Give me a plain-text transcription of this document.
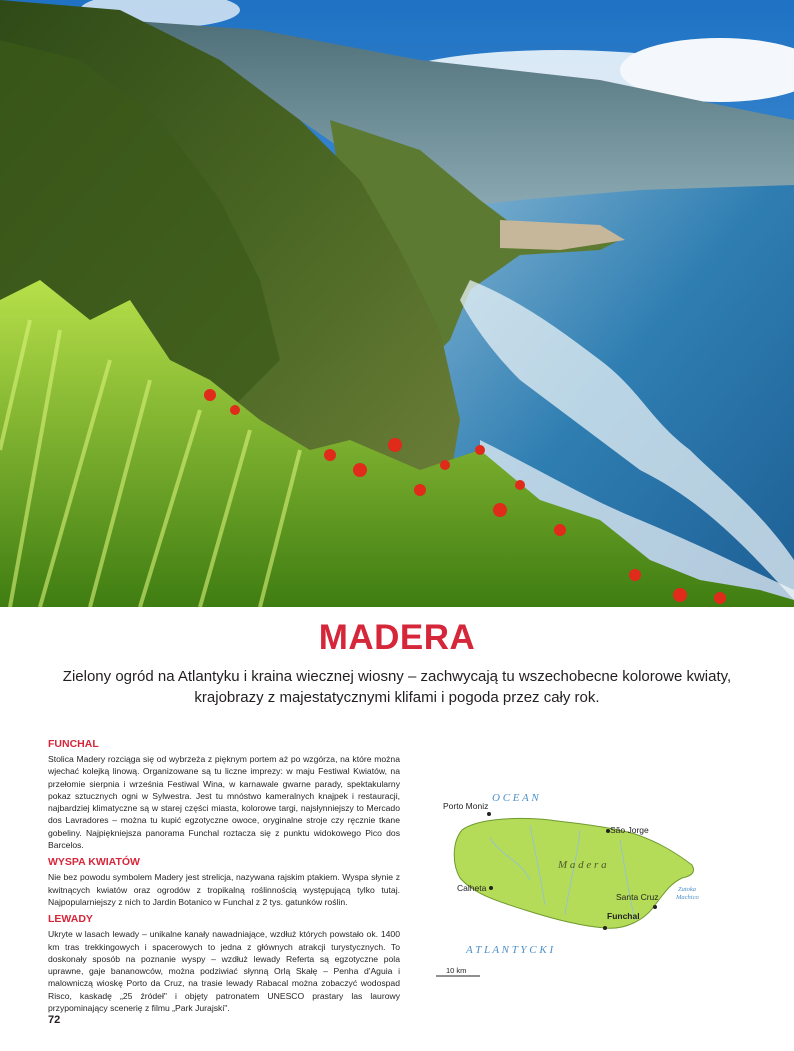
MADERA
Zielony ogród na Atlantyku i kraina wiecznej wiosny – zachwycają tu wszechobecne kolorowe kwiaty, krajobrazy z majestatycznymi klifami i pogoda przez cały rok.
FUNCHAL

Stolica Madery rozciąga się od wybrzeża z pięknym portem aż po wzgórza, na które można wjechać kolejką linową. Organizowane są tu liczne imprezy: w maju Festiwal Kwiatów, na przełomie sierpnia i września Festiwal Wina, w karnawale gwarne parady, spektakularny pokaz sztucznych ogni w Sylwestra. Jest tu mnóstwo kameralnych knajpek i restauracji, najbardziej klimatyczne są w starej części miasta, kolorowe targi, najsłynniejszy to Mercado dos Lavradores – można tu kupić egzotyczne owoce, oryginalne stroje czy ręcznie tkane gobeliny. Najpiękniejsza panorama Funchal roztacza się z punktu widokowego Pico dos Barcelos.

WYSPA KWIATÓW

Nie bez powodu symbolem Madery jest strelicja, nazywana rajskim ptakiem. Wyspa słynie z kwitnących kwiatów oraz ogrodów z tropikalną roślinnością występującą tylko tutaj. Najpopularniejszy z nich to Jardin Botanico w Funchal z 2 tys. gatunków roślin.

LEWADY

Ukryte w lasach lewady – unikalne kanały nawadniające, wzdłuż których powstało ok. 1400 km tras trekkingowych i spacerowych to jedna z głównych atrakcji turystycznych. To doskonały sposób na poznanie wyspy – wzdłuż lewady Referta są egzotyczne pola uprawne, gaje bananowców, można podziwiać słynną Orlą Skałę – Penha d'Aguia i malowniczą wioskę Porto da Cruz, na trasie lewady Rabacal można zobaczyć wodospad Risco, kaskadę „25 źródeł" i objęty patronatem UNESCO prastary las laurowy przypominający scenerię z filmu „Park Jurajski".

O C E A N
M a d e r a
Zatoka
Machico
Porto Moniz
São Jorge
Calheta
Santa Cruz
Funchal
A T L A N T Y C K I
10 km
72
